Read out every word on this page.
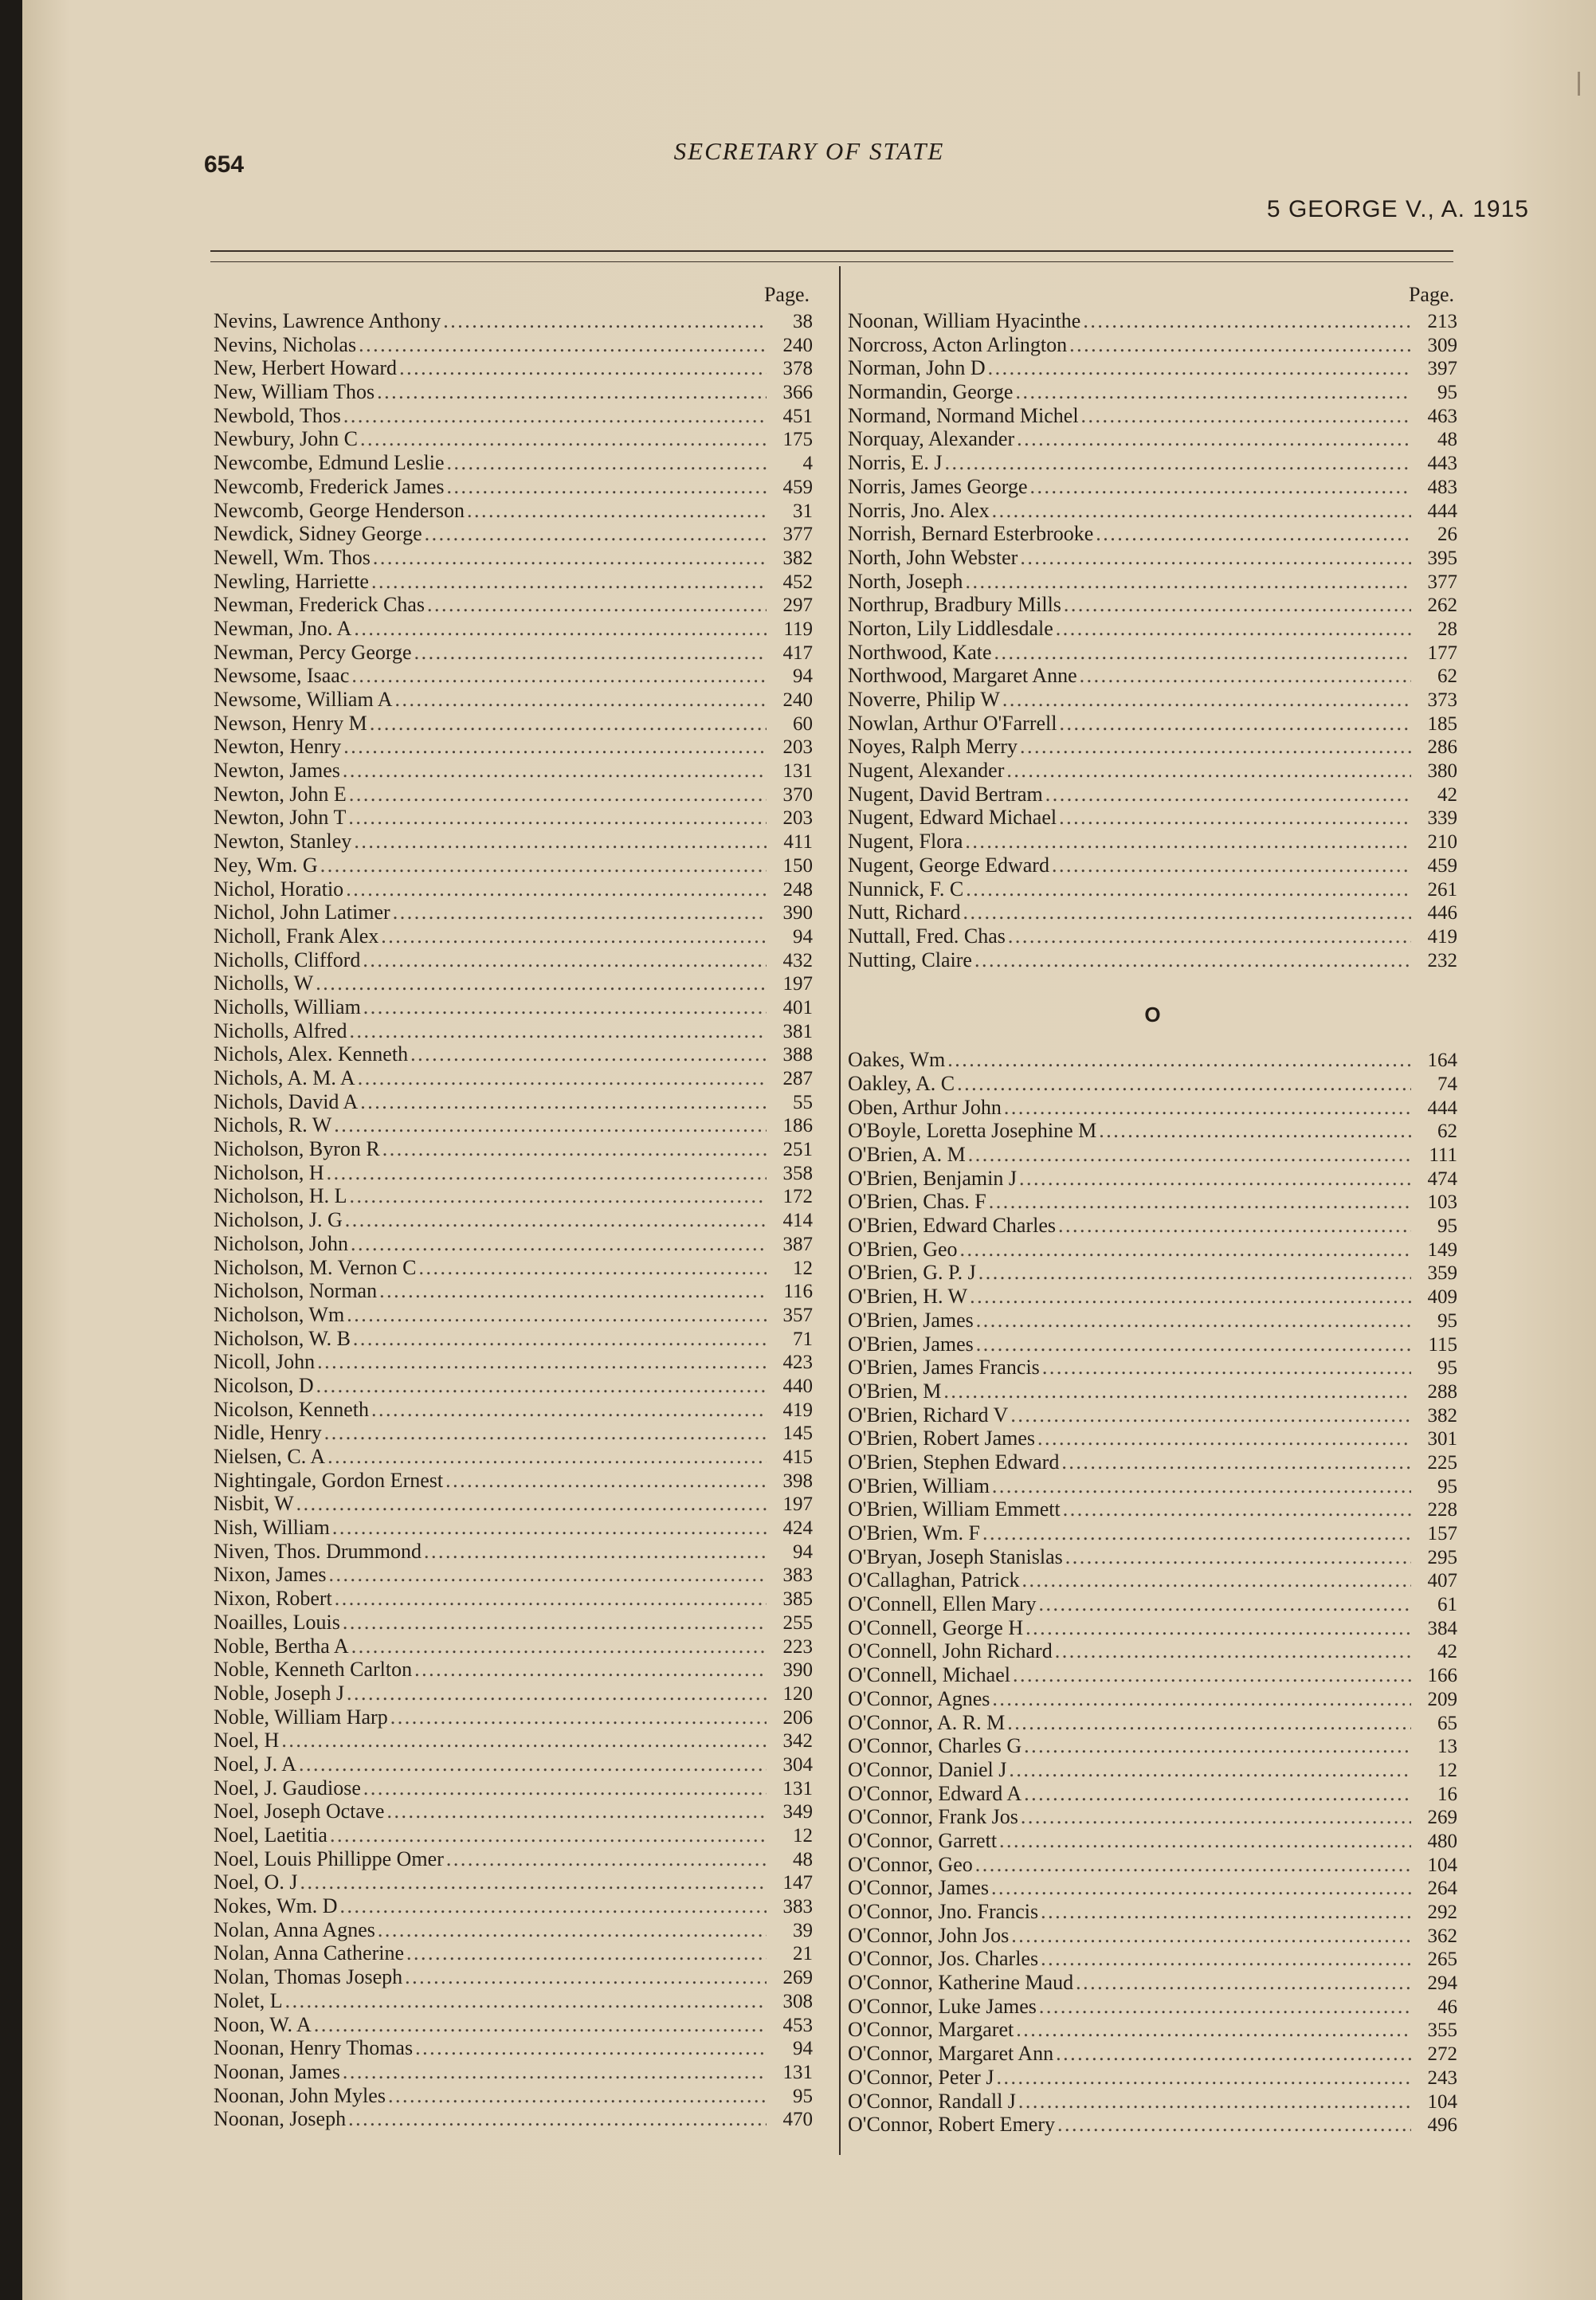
654	SECRETARY OF STATE
5 GEORGE V., A. 1915
Page.
Nevins, Lawrence Anthony . . .	38
Nevins, Nicholas . . .	240
New, Herbert Howard . . .	378
New, William Thos . . .	366
Newbold, Thos . . .	451
Newbury, John C . . .	175
Newcombe, Edmund Leslie . . .	4
Newcomb, Frederick James . . .	459
Newcomb, George Henderson . . .	31
Newdick, Sidney George . . .	377
Newell, Wm. Thos . . .	382
Newling, Harriette . . .	452
Newman, Frederick Chas . . .	297
Newman, Jno. A . . .	119
Newman, Percy George . . .	417
Newsome, Isaac . . .	94
Newsome, William A . . .	240
Newson, Henry M . . .	60
Newton, Henry . . .	203
Newton, James . . .	131
Newton, John E . . .	370
Newton, John T . . .	203
Newton, Stanley . . .	411
Ney, Wm. G . . .	150
Nichol, Horatio . . .	248
Nichol, John Latimer . . .	390
Nicholl, Frank Alex . . .	94
Nicholls, Clifford . . .	432
Nicholls, W . . .	197
Nicholls, William . . .	401
Nicholls, Alfred . . .	381
Nichols, Alex. Kenneth . . .	388
Nichols, A. M. A . . .	287
Nichols, David A . . .	55
Nichols, R. W . . .	186
Nicholson, Byron R . . .	251
Nicholson, H . . .	358
Nicholson, H. L . . .	172
Nicholson, J. G . . .	414
Nicholson, John . . .	387
Nicholson, M. Vernon C . . .	12
Nicholson, Norman . . .	116
Nicholson, Wm . . .	357
Nicholson, W. B . . .	71
Nicoll, John . . .	423
Nicolson, D . . .	440
Nicolson, Kenneth . . .	419
Nidle, Henry . . .	145
Nielsen, C. A . . .	415
Nightingale, Gordon Ernest . . .	398
Nisbit, W . . .	197
Nish, William . . .	424
Niven, Thos. Drummond . . .	94
Nixon, James . . .	383
Nixon, Robert . . .	385
Noailles, Louis . . .	255
Noble, Bertha A . . .	223
Noble, Kenneth Carlton . . .	390
Noble, Joseph J . . .	120
Noble, William Harp . . .	206
Noel, H . . .	342
Noel, J. A . . .	304
Noel, J. Gaudiose . . .	131
Noel, Joseph Octave . . .	349
Noel, Laetitia . . .	12
Noel, Louis Phillippe Omer . . .	48
Noel, O. J . . .	147
Nokes, Wm. D . . .	383
Nolan, Anna Agnes . . .	39
Nolan, Anna Catherine . . .	21
Nolan, Thomas Joseph . . .	269
Nolet, L . . .	308
Noon, W. A . . .	453
Noonan, Henry Thomas . . .	94
Noonan, James . . .	131
Noonan, John Myles . . .	95
Noonan, Joseph . . .	470
Page.
Noonan, William Hyacinthe . . .	213
Norcross, Acton Arlington . . .	309
Norman, John D . . .	397
Normandin, George . . .	95
Normand, Normand Michel . . .	463
Norquay, Alexander . . .	48
Norris, E. J . . .	443
Norris, James George . . .	483
Norris, Jno. Alex . . .	444
Norrish, Bernard Esterbrooke . . .	26
North, John Webster . . .	395
North, Joseph . . .	377
Northrup, Bradbury Mills . . .	262
Norton, Lily Liddlesdale . . .	28
Northwood, Kate . . .	177
Northwood, Margaret Anne . . .	62
Noverre, Philip W . . .	373
Nowlan, Arthur O'Farrell . . .	185
Noyes, Ralph Merry . . .	286
Nugent, Alexander . . .	380
Nugent, David Bertram . . .	42
Nugent, Edward Michael . . .	339
Nugent, Flora . . .	210
Nugent, George Edward . . .	459
Nunnick, F. C . . .	261
Nutt, Richard . . .	446
Nuttall, Fred. Chas . . .	419
Nutting, Claire . . .	232
O
Oakes, Wm . . .	164
Oakley, A. C . . .	74
Oben, Arthur John . . .	444
O'Boyle, Loretta Josephine M . . .	62
O'Brien, A. M . . .	111
O'Brien, Benjamin J . . .	474
O'Brien, Chas. F . . .	103
O'Brien, Edward Charles . . .	95
O'Brien, Geo . . .	149
O'Brien, G. P. J . . .	359
O'Brien, H. W . . .	409
O'Brien, James . . .	95
O'Brien, James . . .	115
O'Brien, James Francis . . .	95
O'Brien, M . . .	288
O'Brien, Richard V . . .	382
O'Brien, Robert James . . .	301
O'Brien, Stephen Edward . . .	225
O'Brien, William . . .	95
O'Brien, William Emmett . . .	228
O'Brien, Wm. F . . .	157
O'Bryan, Joseph Stanislas . . .	295
O'Callaghan, Patrick . . .	407
O'Connell, Ellen Mary . . .	61
O'Connell, George H . . .	384
O'Connell, John Richard . . .	42
O'Connell, Michael . . .	166
O'Connor, Agnes . . .	209
O'Connor, A. R. M . . .	65
O'Connor, Charles G . . .	13
O'Connor, Daniel J . . .	12
O'Connor, Edward A . . .	16
O'Connor, Frank Jos . . .	269
O'Connor, Garrett . . .	480
O'Connor, Geo . . .	104
O'Connor, James . . .	264
O'Connor, Jno. Francis . . .	292
O'Connor, John Jos . . .	362
O'Connor, Jos. Charles . . .	265
O'Connor, Katherine Maud . . .	294
O'Connor, Luke James . . .	46
O'Connor, Margaret . . .	355
O'Connor, Margaret Ann . . .	272
O'Connor, Peter J . . .	243
O'Connor, Randall J . . .	104
O'Connor, Robert Emery . . .	496
